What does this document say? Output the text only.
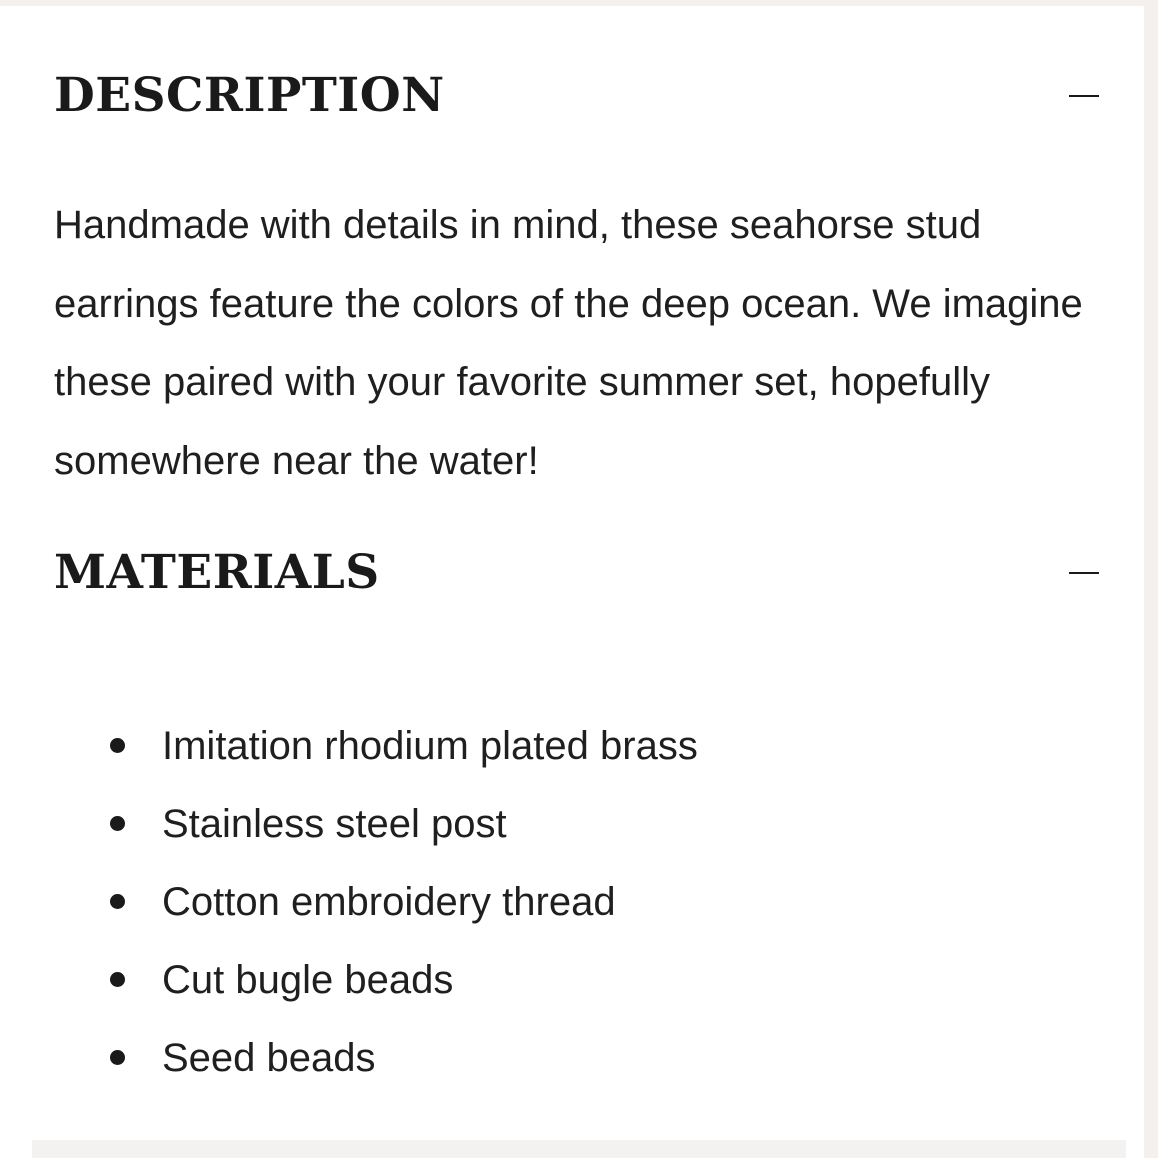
DESCRIPTION

Handmade with details in mind, these seahorse stud earrings feature the colors of the deep ocean. We imagine these paired with your favorite summer set, hopefully somewhere near the water!

MATERIALS
Imitation rhodium plated brass
Stainless steel post
Cotton embroidery thread
Cut bugle beads
Seed beads
